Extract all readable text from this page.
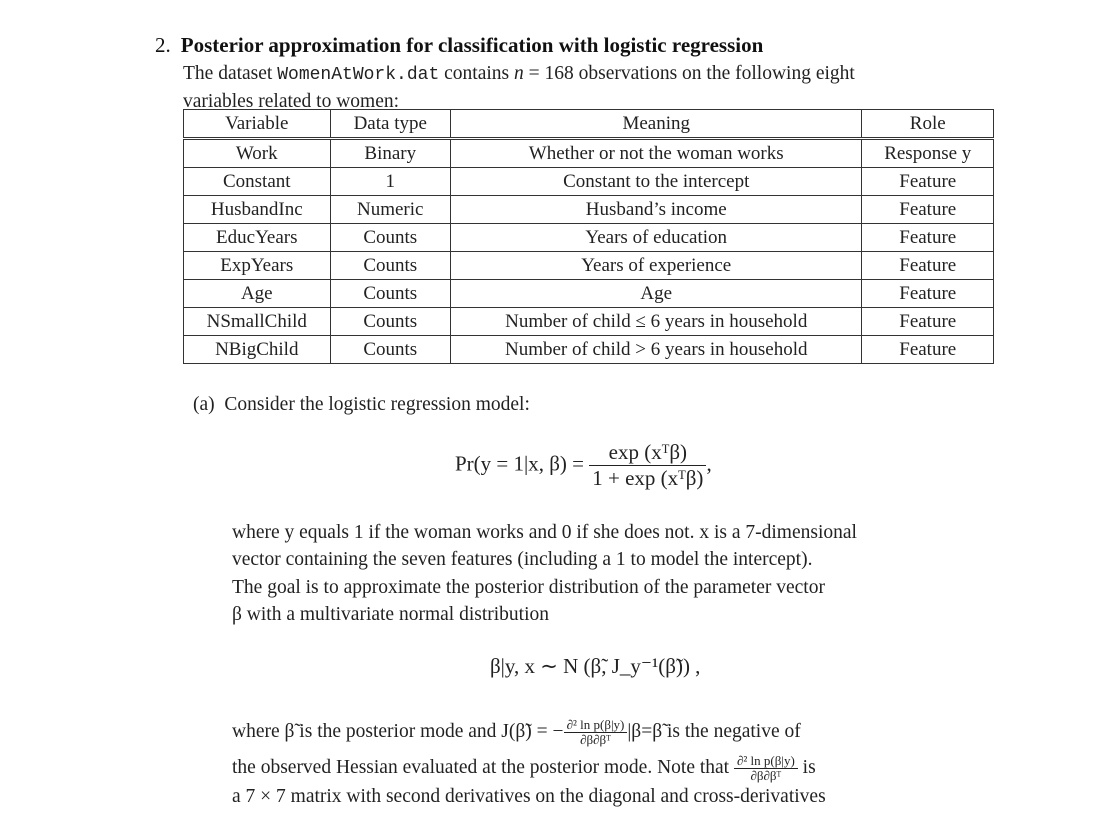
2. Posterior approximation for classification with logistic regression
The dataset WomenAtWork.dat contains n = 168 observations on the following eight
variables related to women:
Variable	Data type	Meaning	Role
Work	Binary	Whether or not the woman works	Response y
Constant	1	Constant to the intercept	Feature
HusbandInc	Numeric	Husband’s income	Feature
EducYears	Counts	Years of education	Feature
ExpYears	Counts	Years of experience	Feature
Age	Counts	Age	Feature
NSmallChild	Counts	Number of child ≤ 6 years in household	Feature
NBigChild	Counts	Number of child > 6 years in household	Feature
(a) Consider the logistic regression model:
Pr(y = 1|x, $\beta) = \frac{\text{exp (xᵀβ)}}{\text{1 + exp (xᵀβ)}}$ ,
where y equals 1 if the woman works and 0 if she does not. x is a 7-dimensional
vector containing the seven features (including a 1 to model the intercept).
The goal is to approximate the posterior distribution of the parameter vector
β with a multivariate normal distribution
β|y, x ∼ N (β̃, J_y⁻¹(β̃)) ,
where β̃ is the posterior mode and J(β̃) = − $\frac{\text{∂² ln p(β|y)}}{\text{∂β∂βᵀ}}$ |β=β̃ is the negative of
the observed Hessian evaluated at the posterior mode. Note that $\frac{\text{∂² ln p(β|y)}}{\text{∂β∂βᵀ}}$ is
a 7 × 7 matrix with second derivatives on the diagonal and cross-derivatives
